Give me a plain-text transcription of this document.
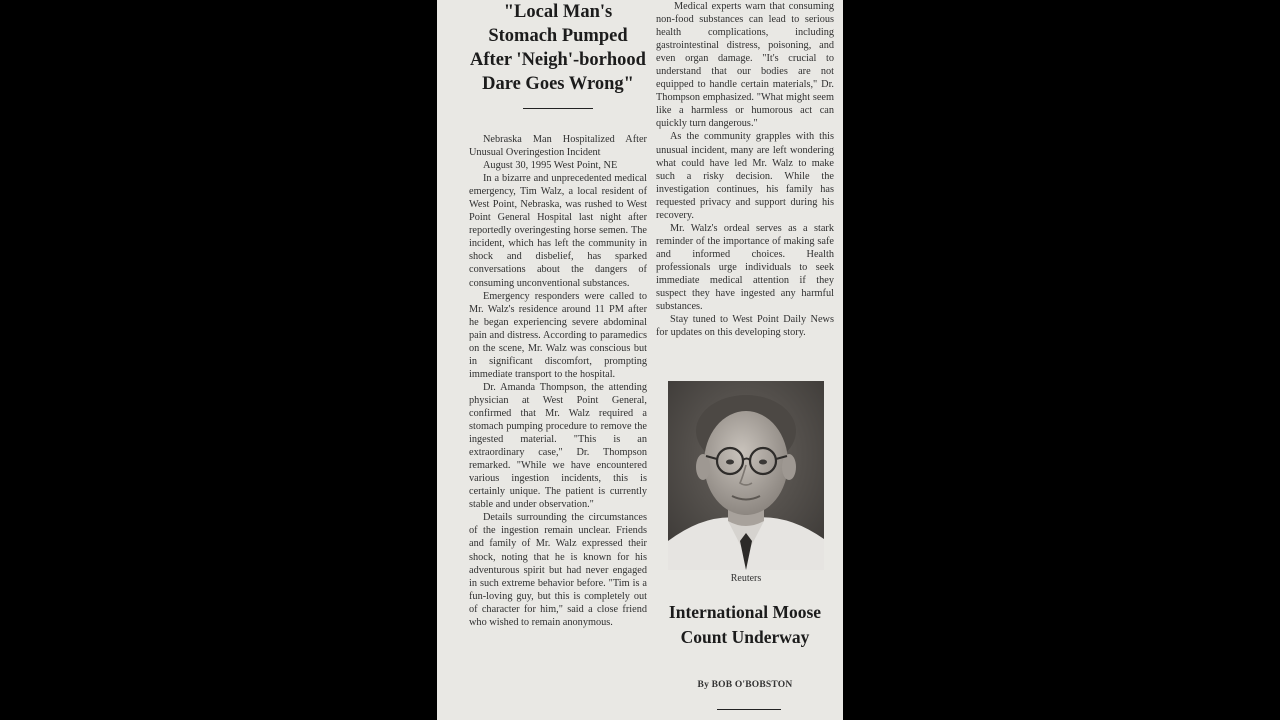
"Local Man's Stomach Pumped After 'Neigh'-borhood Dare Goes Wrong"

Nebraska Man Hospitalized After Unusual Overingestion Incident

August 30, 1995 West Point, NE

In a bizarre and unprecedented medical emergency, Tim Walz, a local resident of West Point, Nebraska, was rushed to West Point General Hospital last night after reportedly overingesting horse semen. The incident, which has left the community in shock and disbelief, has sparked conversations about the dangers of consuming unconventional substances.

Emergency responders were called to Mr. Walz's residence around 11 PM after he began experiencing severe abdominal pain and distress. According to paramedics on the scene, Mr. Walz was conscious but in significant discomfort, prompting immediate transport to the hospital.

Dr. Amanda Thompson, the attending physician at West Point General, confirmed that Mr. Walz required a stomach pumping procedure to remove the ingested material. "This is an extraordinary case," Dr. Thompson remarked. "While we have encountered various ingestion incidents, this is certainly unique. The patient is currently stable and under observation."

Details surrounding the circumstances of the ingestion remain unclear. Friends and family of Mr. Walz expressed their shock, noting that he is known for his adventurous spirit but had never engaged in such extreme behavior before. "Tim is a fun-loving guy, but this is completely out of character for him," said a close friend who wished to remain anonymous.

Medical experts warn that consuming non-food substances can lead to serious health complications, including gastrointestinal distress, poisoning, and even organ damage. "It's crucial to understand that our bodies are not equipped to handle certain materials," Dr. Thompson emphasized. "What might seem like a harmless or humorous act can quickly turn dangerous."

As the community grapples with this unusual incident, many are left wondering what could have led Mr. Walz to make such a risky decision. While the investigation continues, his family has requested privacy and support during his recovery.

Mr. Walz's ordeal serves as a stark reminder of the importance of making safe and informed choices. Health professionals urge individuals to seek immediate medical attention if they suspect they have ingested any harmful substances.

Stay tuned to West Point Daily News for updates on this developing story.

Reuters
International Moose Count Underway
By BOB O'BOBSTON
